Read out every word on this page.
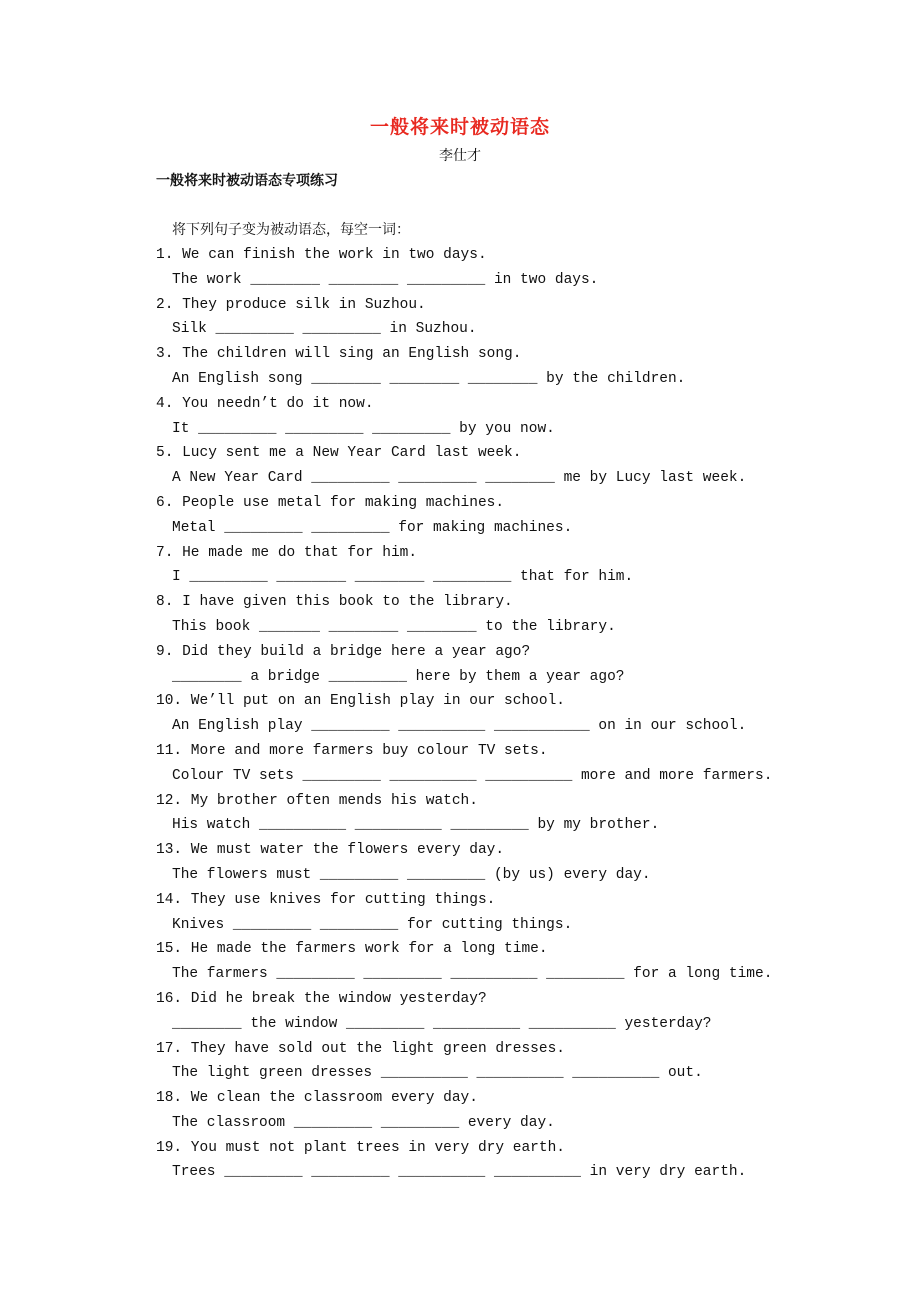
一般将来时被动语态
李仕才
一般将来时被动语态专项练习
将下列句子变为被动语态，每空一词：
1. We can finish the work in two days.
The work ________ ________ _________ in two days.
2. They produce silk in Suzhou.
Silk _________ _________ in Suzhou.
3. The children will sing an English song.
An English song ________ ________ ________ by the children.
4. You needn’t do it now.
It _________ _________ _________ by you now.
5. Lucy sent me a New Year Card last week.
A New Year Card _________ _________ ________ me by Lucy last week.
6. People use metal for making machines.
Metal _________ _________ for making machines.
7. He made me do that for him.
I _________ ________ ________ _________ that for him.
8. I have given this book to the library.
This book _______ ________ ________ to the library.
9. Did they build a bridge here a year ago?
________ a bridge _________ here by them a year ago?
10. We’ll put on an English play in our school.
An English play _________ __________ ___________ on in our school.
11. More and more farmers buy colour TV sets.
Colour TV sets _________ __________ __________ more and more farmers.
12. My brother often mends his watch.
His watch __________ __________ _________ by my brother.
13. We must water the flowers every day.
The flowers must _________ _________ (by us) every day.
14. They use knives for cutting things.
Knives _________ _________ for cutting things.
15. He made the farmers work for a long time.
The farmers _________ _________ __________ _________ for a long time.
16. Did he break the window yesterday?
________ the window _________ __________ __________ yesterday?
17. They have sold out the light green dresses.
The light green dresses __________ __________ __________ out.
18. We clean the classroom every day.
The classroom _________ _________ every day.
19. You must not plant trees in very dry earth.
Trees _________ _________ __________ __________ in very dry earth.
